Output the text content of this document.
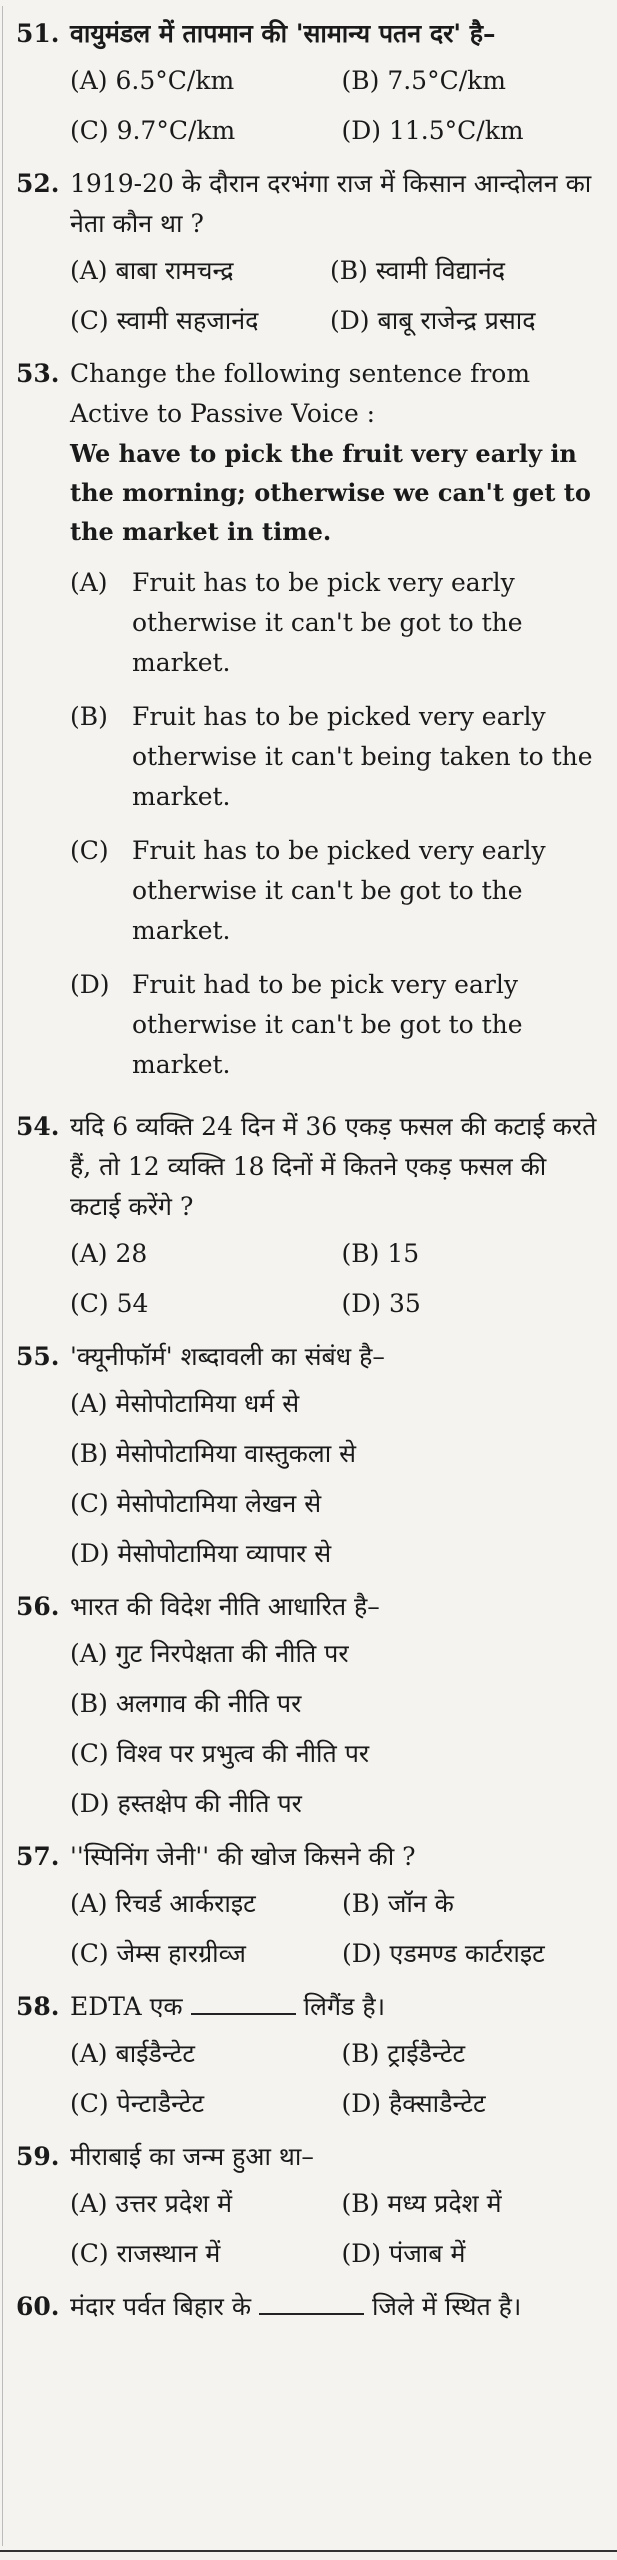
51. वायुमंडल में तापमान की 'सामान्य पतन दर' है–
(A) 6.5°C/km	(B) 7.5°C/km
(C) 9.7°C/km	(D) 11.5°C/km
52. 1919-20 के दौरान दरभंगा राज में किसान आन्दोलन का नेता कौन था ?
(A) बाबा रामचन्द्र	(B) स्वामी विद्यानंद
(C) स्वामी सहजानंद	(D) बाबू राजेन्द्र प्रसाद
53. Change the following sentence from Active to Passive Voice :
We have to pick the fruit very early in the morning; otherwise we can't get to the market in time.
(A) Fruit has to be pick very early otherwise it can't be got to the market.
(B) Fruit has to be picked very early otherwise it can't being taken to the market.
(C) Fruit has to be picked very early otherwise it can't be got to the market.
(D) Fruit had to be pick very early otherwise it can't be got to the market.
54. यदि 6 व्यक्ति 24 दिन में 36 एकड़ फसल की कटाई करते हैं, तो 12 व्यक्ति 18 दिनों में कितने एकड़ फसल की कटाई करेंगे ?
(A) 28	(B) 15
(C) 54	(D) 35
55. 'क्यूनीफॉर्म' शब्दावली का संबंध है–
(A) मेसोपोटामिया धर्म से
(B) मेसोपोटामिया वास्तुकला से
(C) मेसोपोटामिया लेखन से
(D) मेसोपोटामिया व्यापार से
56. भारत की विदेश नीति आधारित है–
(A) गुट निरपेक्षता की नीति पर
(B) अलगाव की नीति पर
(C) विश्व पर प्रभुत्व की नीति पर
(D) हस्तक्षेप की नीति पर
57. ''स्पिनिंग जेनी'' की खोज किसने की ?
(A) रिचर्ड आर्कराइट	(B) जॉन के
(C) जेम्स हारग्रीव्ज	(D) एडमण्ड कार्टराइट
58. EDTA एक	लिगैंड है।
(A) बाईडैन्टेट	(B) ट्राईडैन्टेट
(C) पेन्टाडैन्टेट	(D) हैक्साडैन्टेट
59. मीराबाई का जन्म हुआ था–
(A) उत्तर प्रदेश में	(B) मध्य प्रदेश में
(C) राजस्थान में	(D) पंजाब में
60. मंदार पर्वत बिहार के	जिले में स्थित है।
